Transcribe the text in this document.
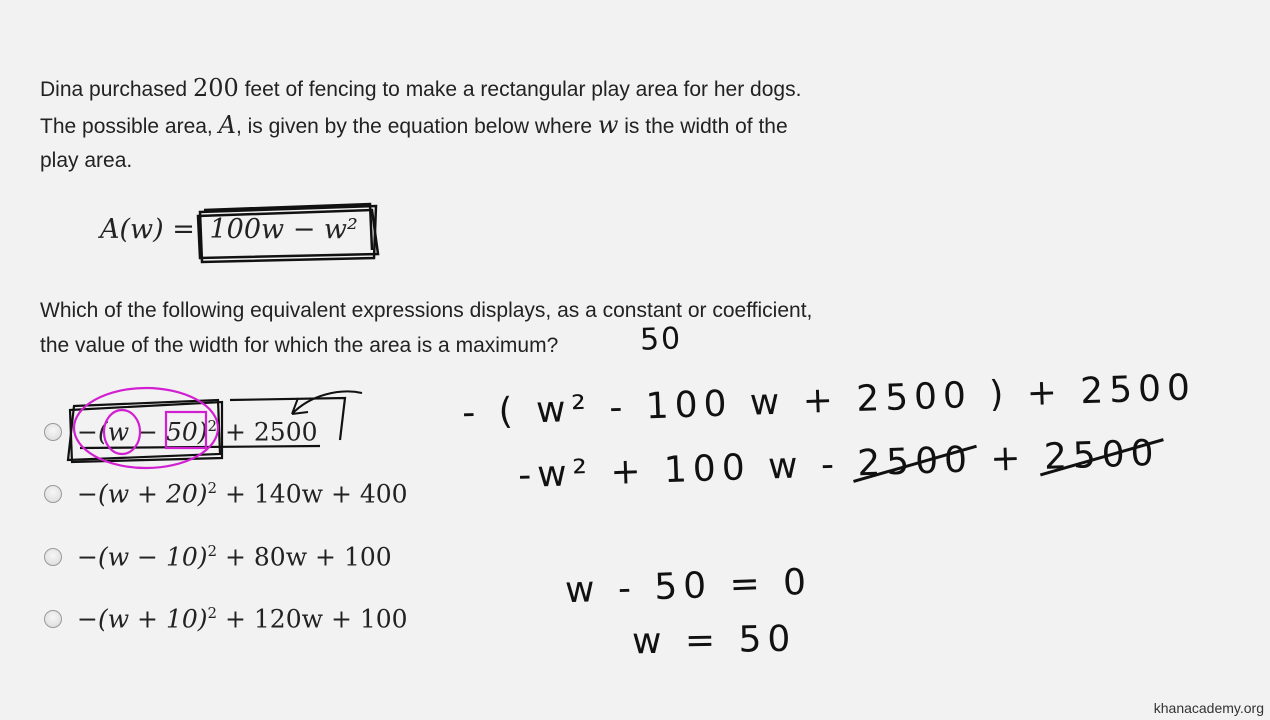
Dina purchased 200 feet of fencing to make a rectangular play area for her dogs.
The possible area, A, is given by the equation below where w is the width of the
play area.
A(w) = 100w − w²
Which of the following equivalent expressions displays, as a constant or coefficient,
the value of the width for which the area is a maximum?
$-(w - 50)^2 + 2500$
$-(w + 20)^2 + 140w + 400$
$-(w - 10)^2 + 80w + 100$
$-(w + 10)^2 + 120w + 100$
50
- ( w² - 100 w + 2500 ) + 2500
-w² + 100 w - 2500 + 2500
w - 50 = 0
w = 50
khanacademy.org
